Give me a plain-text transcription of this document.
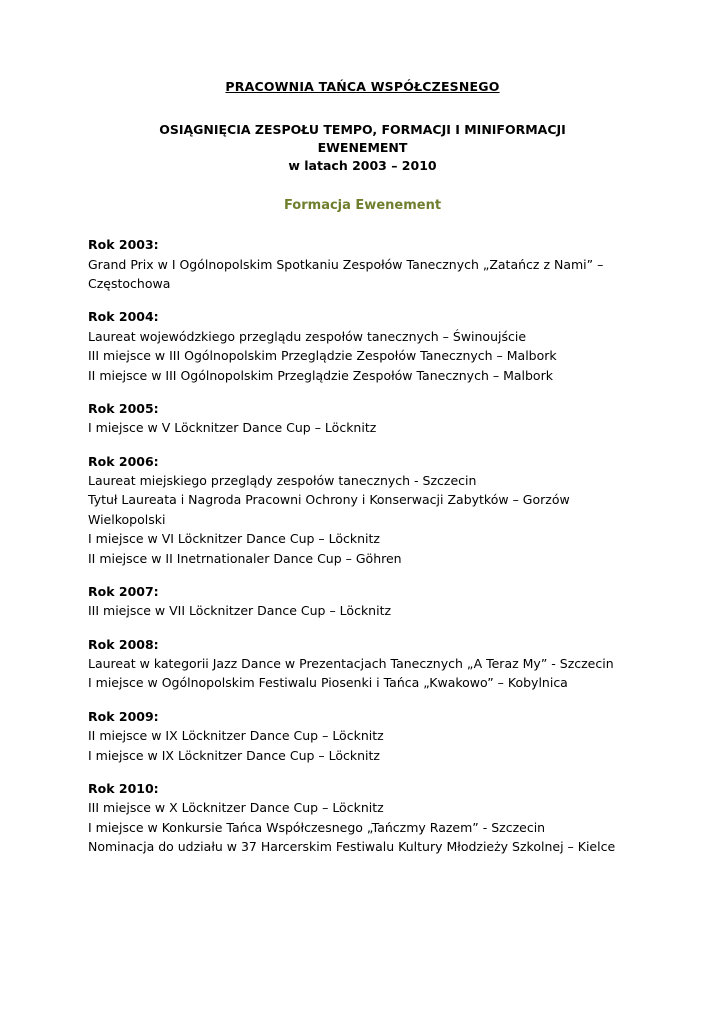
PRACOWNIA TAŃCA WSPÓŁCZESNEGO
OSIĄGNIĘCIA ZESPOŁU TEMPO, FORMACJI I MINIFORMACJI
EWENEMENT
w latach 2003 – 2010
Formacja Ewenement

Rok 2003:

Grand Prix w I Ogólnopolskim Spotkaniu Zespołów Tanecznych „Zatańcz z Nami” – Częstochowa

Rok 2004:

Laureat wojewódzkiego przeglądu zespołów tanecznych – Świnoujście

III miejsce w III Ogólnopolskim Przeglądzie Zespołów Tanecznych – Malbork

II miejsce w III Ogólnopolskim Przeglądzie Zespołów Tanecznych – Malbork

Rok 2005:

I miejsce w V Löcknitzer Dance Cup – Löcknitz

Rok 2006:

Laureat miejskiego przeglądy zespołów tanecznych - Szczecin

Tytuł Laureata i Nagroda Pracowni Ochrony i Konserwacji Zabytków – Gorzów Wielkopolski

I miejsce w VI Löcknitzer Dance Cup – Löcknitz

II miejsce w II Inetrnationaler Dance Cup – Göhren

Rok 2007:

III miejsce w VII Löcknitzer Dance Cup – Löcknitz

Rok 2008:

Laureat w kategorii Jazz Dance w Prezentacjach Tanecznych „A Teraz My” - Szczecin

I miejsce w Ogólnopolskim Festiwalu Piosenki i Tańca „Kwakowo” – Kobylnica

Rok 2009:

II miejsce w IX Löcknitzer Dance Cup – Löcknitz

I miejsce w IX Löcknitzer Dance Cup – Löcknitz

Rok 2010:

III miejsce w X Löcknitzer Dance Cup – Löcknitz

I miejsce w Konkursie Tańca Współczesnego „Tańczmy Razem” - Szczecin

Nominacja do udziału w 37 Harcerskim Festiwalu Kultury Młodzieży Szkolnej – Kielce
